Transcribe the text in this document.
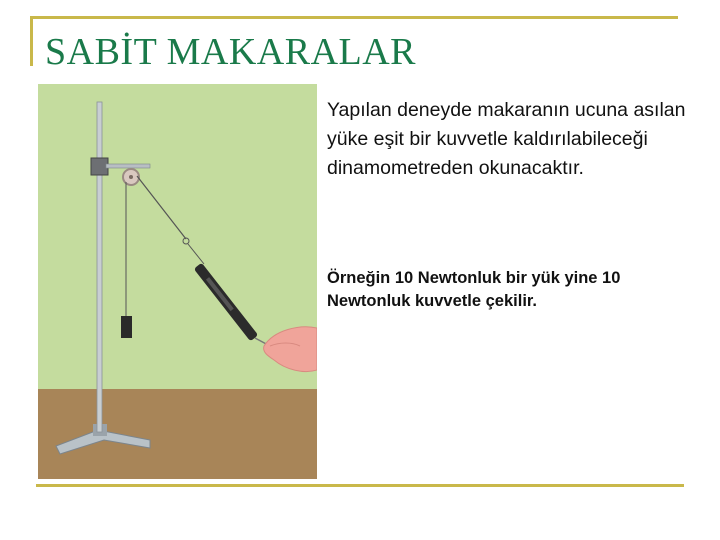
SABİT MAKARALAR

Yapılan deneyde makaranın ucuna asılan yüke eşit bir kuvvetle kaldırılabileceği dinamometreden okunacaktır.

Örneğin 10 Newtonluk bir yük yine 10 Newtonluk kuvvetle çekilir.
